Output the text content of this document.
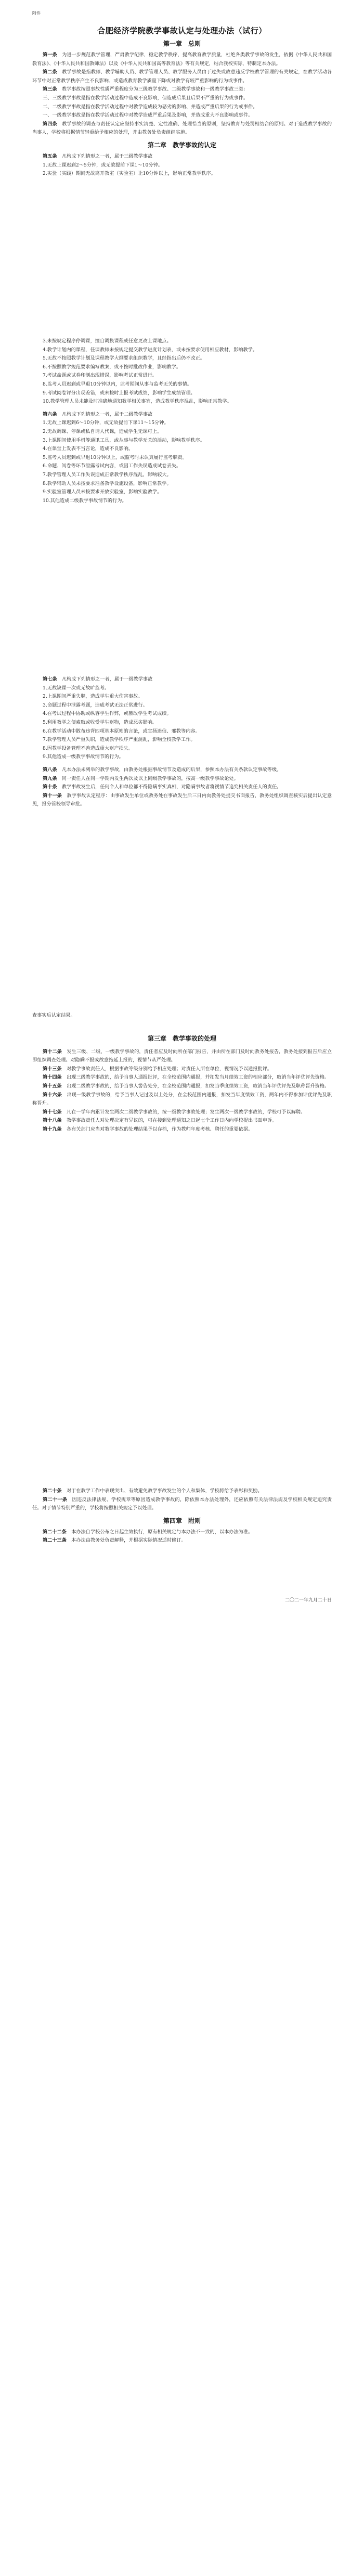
附件
合肥经济学院教学事故认定与处理办法（试行）
第一章　总则

第一条　 为进一步规范教学管理，严肃教学纪律，稳定教学秩序，提高教育教学质量，杜绝各类教学事故的发生，依据《中华人民共和国教育法》、《中华人民共和国教师法》以及《中华人民共和国高等教育法》等有关规定，结合我校实际，特制定本办法。

第二条　 教学事故是指教师、教学辅助人员、教学管理人员、教学服务人员由于过失或故意违反学校教学管理的有关规定，在教学活动各环节中对正常教学秩序产生不良影响、或造成教育教学质量下降或对教学有较严重影响的行为或事件。

第三条　 教学事故按照事故性质严重程度分为三级教学事故、二级教学事故和一级教学事故三类：

三、三级教学事故是指在教学活动过程中造成不良影响，但造成后果且后果不严重的行为或事件。

二、二级教学事故是指在教学活动过程中对教学造成较为恶劣的影响、并造成严重后果的行为或事件。

一、一级教学事故是指在教学活动过程中对教学造成严重后果及影响，并造成重大不良影响或事件。

第四条　 教学事故的调查与责任认定应坚持事实清楚、定性准确、处理恰当的原则，坚持教育与处罚相结合的原则。对于造成教学事故的当事人，学校将根据情节轻重给予相应的处理，并由教务处负责组织实施。

第二章　教学事故的认定

第五条　 凡构成下列情形之一者，属于三级教学事故

1.无故上课迟到2～5分钟，或无故提前下课1～10分钟。

2.实验（实践）期间无故离开教室（实验室）让10分钟以上，影响正常教学秩序。

3.未按规定程序停调课，擅自调换课程或任意更改上课地点。

4.教学计划内的课程，任课教师未按规定提交教学进度计划表，或未按要求使用相应教材，影响教学。

5.无故不按照教学计划及课程教学大纲要求组织教学，且经指出后仍不改正。

6.不按照教学规范要求编写教案，或不按时批改作业，影响教学。

7.考试命题或试卷印制出现错误，影响考试正常进行。

8.监考人员迟到或早退10分钟以内，监考期间从事与监考无关的事情。

9.考试阅卷评分出现差错，或未按时上报考试成绩，影响学生成绩管理。

10.教学管理人员未能及时准确地通知教学相关事宜，造成教学秩序混乱，影响正常教学。

第六条　 凡构成下列情形之一者，属于二级教学事故

1.无故上课迟到6～10分钟，或无故提前下课11～15分钟。

2.无故调课、停课或私自请人代课，造成学生无课可上。

3.上课期间使用手机等通讯工具，或从事与教学无关的活动，影响教学秩序。

4.在课堂上发表不当言论，造成不良影响。

5.监考人员迟到或早退10分钟以上，或监考时未认真履行监考职责。

6.命题、阅卷等环节泄露考试内容，或因工作失误造成试卷丢失。

7.教学管理人员工作失误造成正常教学秩序混乱，影响较大。

8.教学辅助人员未按要求准备教学设施设备，影响正常教学。

9.实验室管理人员未按要求开放实验室，影响实验教学。

10.其他造成二级教学事故情节的行为。

第七条　 凡构成下列情形之一者，属于一级教学事故

1.无故缺课一次或无故旷监考。

2.上课期间严重失职，造成学生重大伤害事故。

3.命题过程中泄露考题，造成考试无法正常进行。

4.在考试过程中协助或纵容学生作弊，或篡改学生考试成绩。

5.利用教学之便索取或收受学生财物，造成恶劣影响。

6.在教学活动中散布违背四项基本原则的言论，或宣扬迷信、邪教等内容。

7.教学管理人员严重失职，造成教学秩序严重混乱，影响全校教学工作。

8.因教学设备管理不善造成重大财产损失。

9.其他造成一级教学事故情节的行为。

第八条　 凡本办法未列举的教学事故，由教务处根据事故情节及造成的后果，参照本办法有关条款认定事故等级。

第九条　 同一责任人在同一学期内发生两次及以上同级教学事故的，按高一级教学事故论处。

第十条　 教学事故发生后，任何个人和单位都不得隐瞒事实真相，对隐瞒事故者将视情节追究相关责任人的责任。

第十一条　 教学事故认定程序：由事故发生单位或教务处在事故发生后三日内向教务处提交书面报告，教务处组织调查核实后提出认定意见，报分管校领导审批。

查事实后认定结果。

第三章　教学事故的处理

第十二条　 发生三级、二级、一级教学事故的，责任者应及时向所在部门报告，并由所在部门及时向教务处报告，教务处接到报告后应立即组织调查处理。对隐瞒不报或故意拖延上报的，视情节从严处理。

第十三条　 对教学事故责任人，根据事故等级分别给予相应处理；对责任人所在单位，视情况予以通报批评。

第十四条　 出现三级教学事故的，给予当事人通报批评，在全校范围内通报，并扣发当月绩效工资的相应部分，取消当年评优评先资格。

第十五条　 出现二级教学事故的，给予当事人警告处分，在全校范围内通报，扣发当季度绩效工资，取消当年评优评先及职称晋升资格。

第十六条　 出现一级教学事故的，给予当事人记过及以上处分，在全校范围内通报，扣发当年度绩效工资，两年内不得参加评优评先及职称晋升。

第十七条　 凡在一学年内累计发生两次二级教学事故的，按一级教学事故处理；发生两次一级教学事故的，学校可予以解聘。

第十八条　 教学事故责任人对处理决定有异议的，可在接到处理通知之日起七个工作日内向学校提出书面申诉。

第十九条　 各有关部门应当对教学事故的处理结果予以存档，作为教师年度考核、聘任的重要依据。

第二十条　 对于在教学工作中表现突出、有效避免教学事故发生的个人和集体，学校将给予表彰和奖励。

第二十一条　 因违反法律法规、学校规章等原因造成教学事故的，除依照本办法处理外，还应依照有关法律法规及学校相关规定追究责任。对于情节特别严重的，学校将按照相关规定予以处理。

第四章　附则

第二十二条　 本办法自学校公布之日起生效执行，原有相关规定与本办法不一致的，以本办法为准。

第二十三条　 本办法由教务处负责解释，并根据实际情况适时修订。

二〇二一年九月二十日
